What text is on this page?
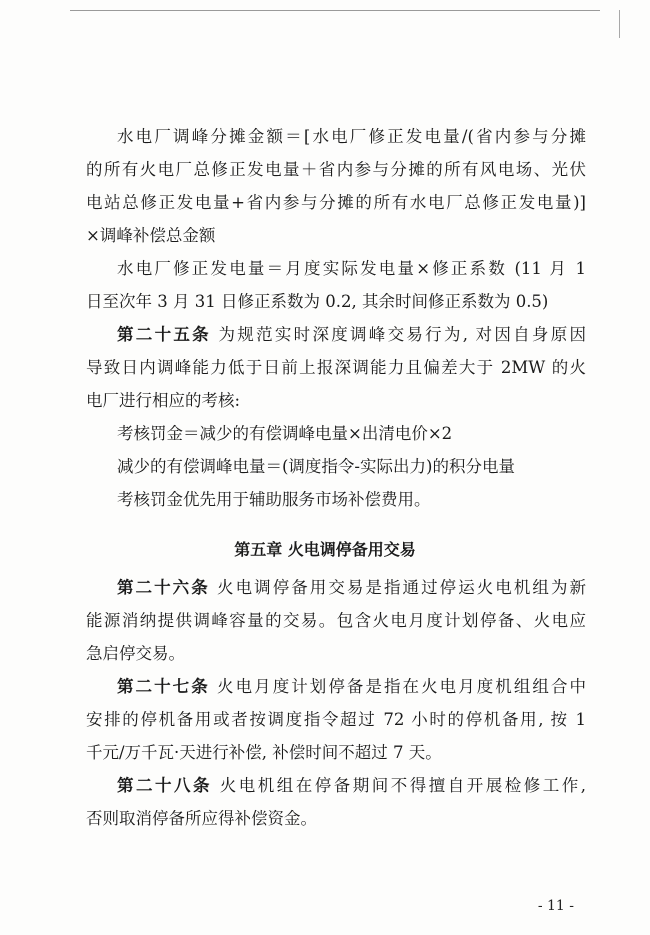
水电厂调峰分摊金额＝[水电厂修正发电量/(省内参与分摊
的所有火电厂总修正发电量＋省内参与分摊的所有风电场、光伏
电站总修正发电量+省内参与分摊的所有水电厂总修正发电量)]
×调峰补偿总金额
水电厂修正发电量＝月度实际发电量×修正系数 (11 月 1
日至次年 3 月 31 日修正系数为 0.2, 其余时间修正系数为 0.5)
第二十五条 为规范实时深度调峰交易行为, 对因自身原因
导致日内调峰能力低于日前上报深调能力且偏差大于 2MW 的火
电厂进行相应的考核:
考核罚金＝减少的有偿调峰电量×出清电价×2
减少的有偿调峰电量＝(调度指令-实际出力)的积分电量
考核罚金优先用于辅助服务市场补偿费用。
第五章 火电调停备用交易
第二十六条 火电调停备用交易是指通过停运火电机组为新
能源消纳提供调峰容量的交易。包含火电月度计划停备、火电应
急启停交易。
第二十七条 火电月度计划停备是指在火电月度机组组合中
安排的停机备用或者按调度指令超过 72 小时的停机备用, 按 1
千元/万千瓦·天进行补偿, 补偿时间不超过 7 天。
第二十八条 火电机组在停备期间不得擅自开展检修工作,
否则取消停备所应得补偿资金。
- 11 -
